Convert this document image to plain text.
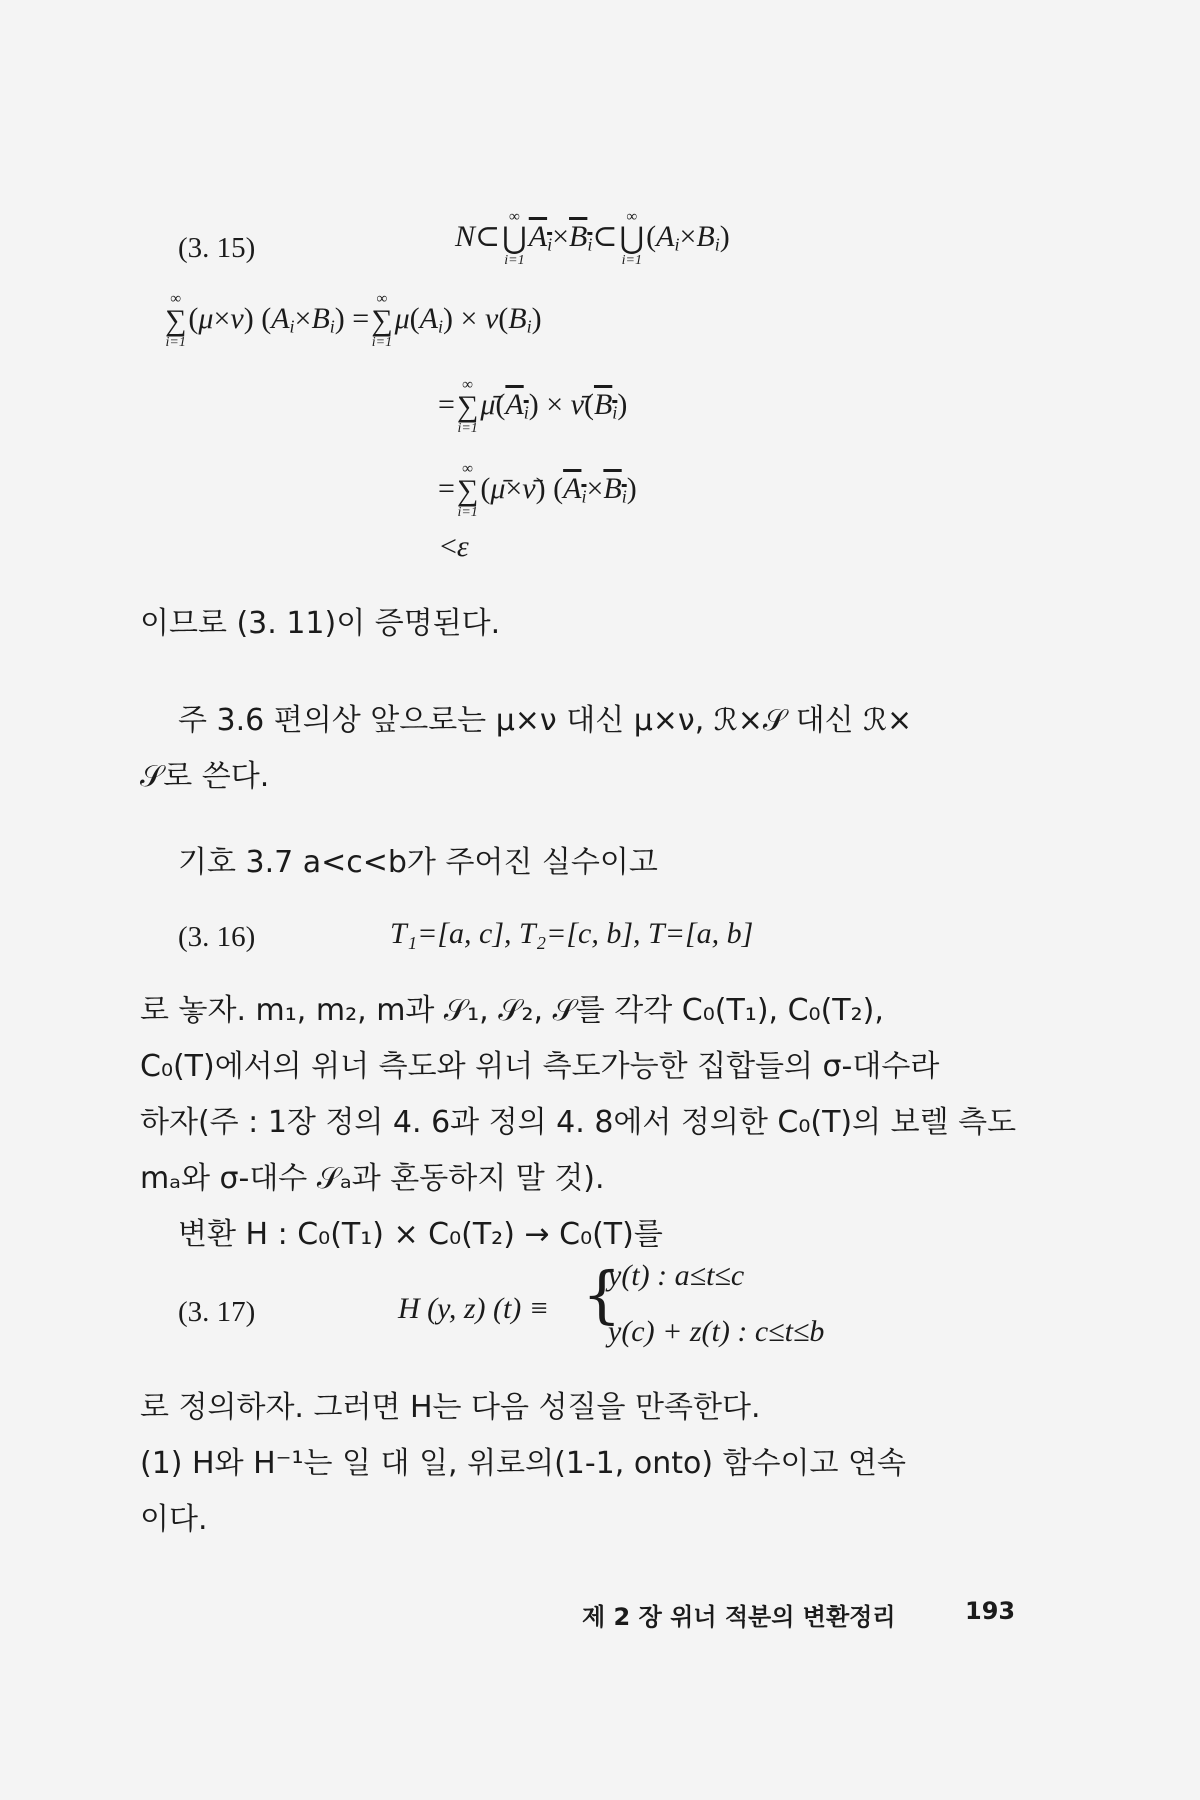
(3. 15)	N⊂
∞
⋃
i=1
$A_i\times B_i\subset$
∞
⋃
i=1
$(A_i\times B_i)$
∞
∑
i=1
(μ×ν) $(A_i\times B_i)$ =
∞
∑
i=1
$\mu(A_i) \times \nu(B_i)$
=
∞
∑
i=1
$\mū(A_i)$ × $\nū(B_i)$
=
∞
∑
i=1
(μ̄×ν̄) $(A_i\times B_i)$
<ε
이므로 (3. 11)이 증명된다.
주 3.6 편의상 앞으로는 μ×ν 대신 μ×ν, ℛ×𝒮 대신 ℛ×
𝒮로 쓴다.
기호 3.7 a<c<b가 주어진 실수이고
(3. 16)	T₁=[a, c], T₂=[c, b], T=[a, b]
로 놓자. m₁, m₂, m과 𝒮₁, 𝒮₂, 𝒮를 각각 C₀(T₁), C₀(T₂),
C₀(T)에서의 위너 측도와 위너 측도가능한 집합들의 σ-대수라
하자(주 : 1장 정의 4. 6과 정의 4. 8에서 정의한 C₀(T)의 보렐 측도
mₐ와 σ-대수 𝒮ₐ과 혼동하지 말 것).
변환 H : C₀(T₁) × C₀(T₂) → C₀(T)를
(3. 17)	H (y, z) (t) ≡ {
y(t) : a≤t≤c
y(c) + z(t) : c≤t≤b
로 정의하자. 그러면 H는 다음 성질을 만족한다.
(1) H와 H⁻¹는 일 대 일, 위로의(1-1, onto) 함수이고 연속
이다.
제 2 장 위너 적분의 변환정리	193
